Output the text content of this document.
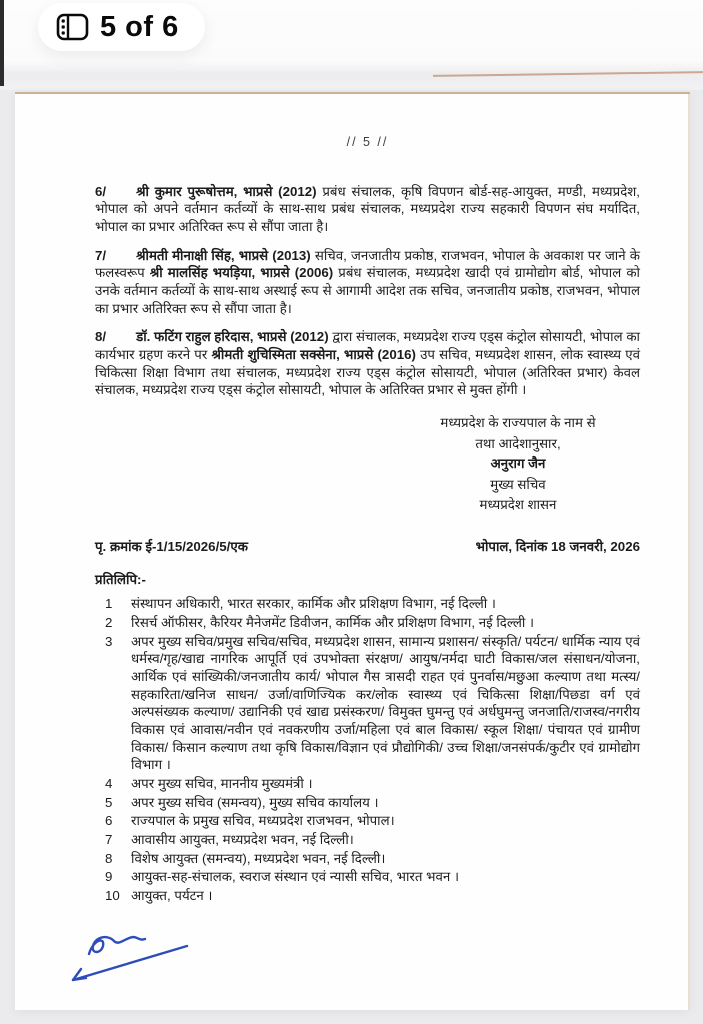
5 of 6
// 5 //

6/ श्री कुमार पुरूषोत्तम, भाप्रसे (2012) प्रबंध संचालक, कृषि विपणन बोर्ड-सह-आयुक्त, मण्डी, मध्यप्रदेश, भोपाल को अपने वर्तमान कर्तव्यों के साथ-साथ प्रबंध संचालक, मध्यप्रदेश राज्य सहकारी विपणन संघ मर्यादित, भोपाल का प्रभार अतिरिक्त रूप से सौंपा जाता है।

7/ श्रीमती मीनाक्षी सिंह, भाप्रसे (2013) सचिव, जनजातीय प्रकोष्ठ, राजभवन, भोपाल के अवकाश पर जाने के फलस्वरूप श्री मालसिंह भयड़िया, भाप्रसे (2006) प्रबंध संचालक, मध्यप्रदेश खादी एवं ग्रामोद्योग बोर्ड, भोपाल को उनके वर्तमान कर्तव्यों के साथ-साथ अस्थाई रूप से आगामी आदेश तक सचिव, जनजातीय प्रकोष्ठ, राजभवन, भोपाल का प्रभार अतिरिक्त रूप से सौंपा जाता है।

8/ डॉ. फटिंग राहुल हरिदास, भाप्रसे (2012) द्वारा संचालक, मध्यप्रदेश राज्य एड्स कंट्रोल सोसायटी, भोपाल का कार्यभार ग्रहण करने पर श्रीमती शुचिस्मिता सक्सेना, भाप्रसे (2016) उप सचिव, मध्यप्रदेश शासन, लोक स्वास्थ्य एवं चिकित्सा शिक्षा विभाग तथा संचालक, मध्यप्रदेश राज्य एड्स कंट्रोल सोसायटी, भोपाल (अतिरिक्त प्रभार) केवल संचालक, मध्यप्रदेश राज्य एड्स कंट्रोल सोसायटी, भोपाल के अतिरिक्त प्रभार से मुक्त होंगी ।

मध्यप्रदेश के राज्यपाल के नाम से
तथा आदेशानुसार,
अनुराग जैन
मुख्य सचिव
मध्यप्रदेश शासन
पृ. क्रमांक ई-1/15/2026/5/एक	भोपाल, दिनांक 18 जनवरी, 2026
प्रतिलिपि:-
1	संस्थापन अधिकारी, भारत सरकार, कार्मिक और प्रशिक्षण विभाग, नई दिल्ली ।
2	रिसर्च ऑफीसर, कैरियर मैनेजमेंट डिवीजन, कार्मिक और प्रशिक्षण विभाग, नई दिल्ली ।
3	अपर मुख्य सचिव/प्रमुख सचिव/सचिव, मध्यप्रदेश शासन, सामान्य प्रशासन/ संस्कृति/ पर्यटन/ धार्मिक न्याय एवं धर्मस्व/गृह/खाद्य नागरिक आपूर्ति एवं उपभोक्ता संरक्षण/ आयुष/नर्मदा घाटी विकास/जल संसाधन/योजना, आर्थिक एवं सांख्यिकी/जनजातीय कार्य/ भोपाल गैस त्रासदी राहत एवं पुनर्वास/मछुआ कल्याण तथा मत्स्य/सहकारिता/खनिज साधन/ उर्जा/वाणिज्यिक कर/लोक स्वास्थ्य एवं चिकित्सा शिक्षा/पिछडा वर्ग एवं अल्पसंख्यक कल्याण/ उद्यानिकी एवं खाद्य प्रसंस्करण/ विमुक्त घुमन्तु एवं अर्धघुमन्तु जनजाति/राजस्व/नगरीय विकास एवं आवास/नवीन एवं नवकरणीय उर्जा/महिला एवं बाल विकास/ स्कूल शिक्षा/ पंचायत एवं ग्रामीण विकास/ किसान कल्याण तथा कृषि विकास/विज्ञान एवं प्रौद्योगिकी/ उच्च शिक्षा/जनसंपर्क/कुटीर एवं ग्रामोद्योग विभाग ।
4	अपर मुख्य सचिव, माननीय मुख्यमंत्री ।
5	अपर मुख्य सचिव (समन्वय), मुख्य सचिव कार्यालय ।
6	राज्यपाल के प्रमुख सचिव, मध्यप्रदेश राजभवन, भोपाल।
7	आवासीय आयुक्त, मध्यप्रदेश भवन, नई दिल्ली।
8	विशेष आयुक्त (समन्वय), मध्यप्रदेश भवन, नई दिल्ली।
9	आयुक्त-सह-संचालक, स्वराज संस्थान एवं न्यासी सचिव, भारत भवन ।
10 आयुक्त, पर्यटन ।
